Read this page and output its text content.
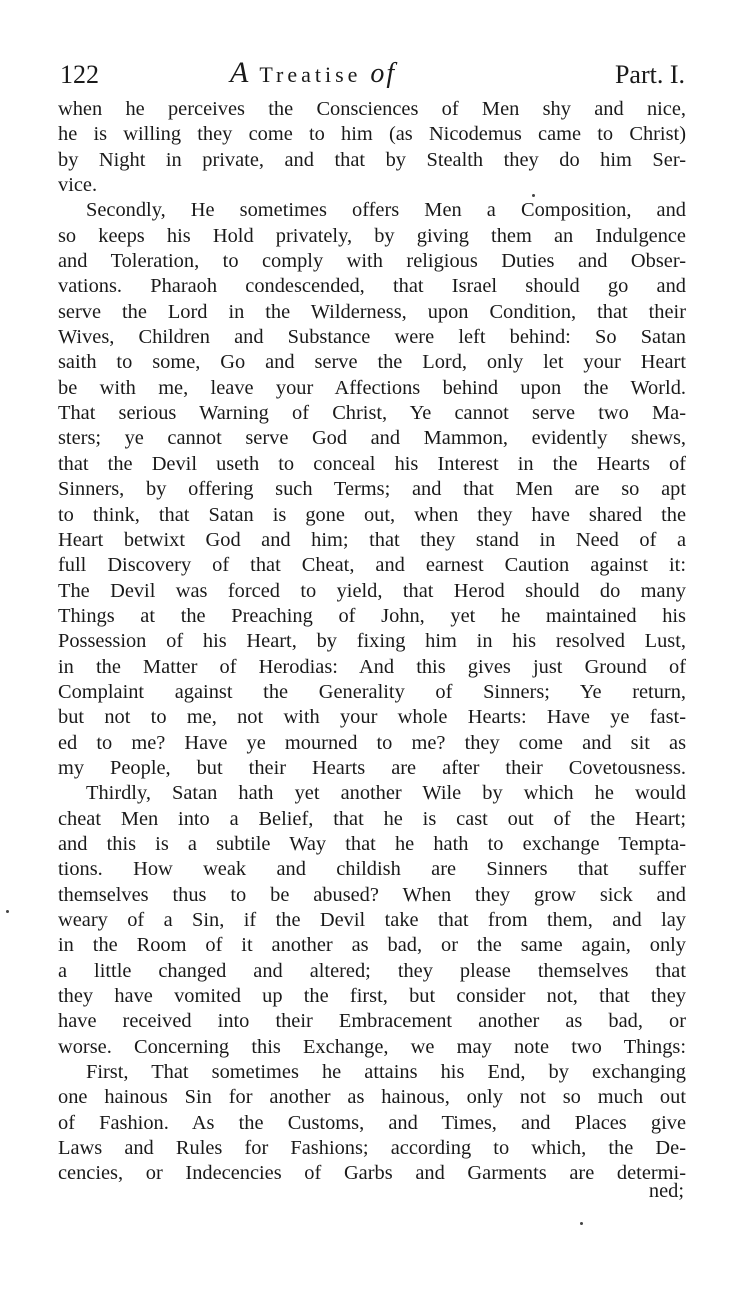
122	A Treatise of	Part. I.
when he perceives the Consciences of Men shy and nice,
he is willing they come to him (as Nicodemus came to Christ)
by Night in private, and that by Stealth they do him Ser-
vice.
Secondly, He sometimes offers Men a Composition, and
so keeps his Hold privately, by giving them an Indulgence
and Toleration, to comply with religious Duties and Obser-
vations. Pharaoh condescended, that Israel should go and
serve the Lord in the Wilderness, upon Condition, that their
Wives, Children and Substance were left behind: So Satan
saith to some, Go and serve the Lord, only let your Heart
be with me, leave your Affections behind upon the World.
That serious Warning of Christ, Ye cannot serve two Ma-
sters; ye cannot serve God and Mammon, evidently shews,
that the Devil useth to conceal his Interest in the Hearts of
Sinners, by offering such Terms; and that Men are so apt
to think, that Satan is gone out, when they have shared the
Heart betwixt God and him; that they stand in Need of a
full Discovery of that Cheat, and earnest Caution against it:
The Devil was forced to yield, that Herod should do many
Things at the Preaching of John, yet he maintained his
Possession of his Heart, by fixing him in his resolved Lust,
in the Matter of Herodias: And this gives just Ground of
Complaint against the Generality of Sinners; Ye return,
but not to me, not with your whole Hearts: Have ye fast-
ed to me? Have ye mourned to me? they come and sit as
my People, but their Hearts are after their Covetousness.
Thirdly, Satan hath yet another Wile by which he would
cheat Men into a Belief, that he is cast out of the Heart;
and this is a subtile Way that he hath to exchange Tempta-
tions. How weak and childish are Sinners that suffer
themselves thus to be abused? When they grow sick and
weary of a Sin, if the Devil take that from them, and lay
in the Room of it another as bad, or the same again, only
a little changed and altered; they please themselves that
they have vomited up the first, but consider not, that they
have received into their Embracement another as bad, or
worse. Concerning this Exchange, we may note two Things:
First, That sometimes he attains his End, by exchanging
one hainous Sin for another as hainous, only not so much out
of Fashion. As the Customs, and Times, and Places give
Laws and Rules for Fashions; according to which, the De-
cencies, or Indecencies of Garbs and Garments are determi-
ned;
